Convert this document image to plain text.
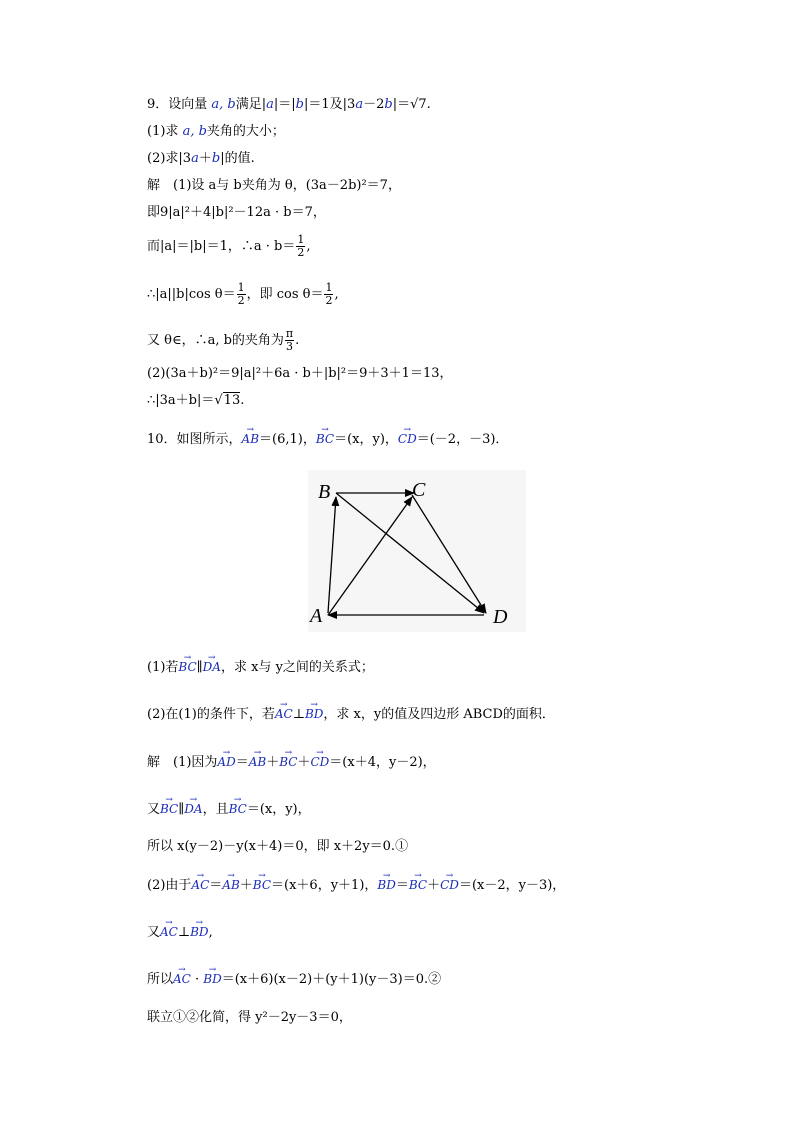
9．设向量 a, b满足|a|＝|b|＝1及|3a－2b|＝√7.
(1)求 a, b夹角的大小；
(2)求|3a＋b|的值.
解　(1)设 a与 b夹角为 θ，(3a－2b)²＝7，
即9|a|²＋4|b|²－12a · b＝7，
而|a|＝|b|＝1，∴a · $b= \frac{1}{2}$ ,
∴|a||b|cos $\theta= \frac{1}{2}$ ，即 $\cos \theta= \frac{1}{2}$ ,
又 θ∈，∴a, b的夹角为 $\frac{\pi}{3}$ .
(2)(3a＋b)²＝9|a|²＋6a · b＋|b|²＝9＋3＋1＝13，
∴|3a＋b|＝√13.
10．如图所示，→ AB＝(6,1)，→ BC＝(x，y)，→ CD＝(－2，－3)．
A
B	C
D
(1)若→ BC∥→ DA，求 x与 y之间的关系式；
(2)在(1)的条件下，若→ AC⊥→ BD，求 x，y的值及四边形 ABCD的面积．
解　(1)因为→ AD＝→ AB＋→ BC＋→ CD＝(x＋4，y－2)，
又→ BC∥→ DA，且→ BC＝(x，y)，
所以 x(y－2)－y(x＋4)＝0，即 x＋2y＝0.①
(2)由于→ AC＝→ AB＋→ BC＝(x＋6，y＋1)，→ BD＝→ BC＋→ CD＝(x－2，y－3)，
又→ AC⊥→ BD,
所以→ AC · → BD＝(x＋6)(x－2)＋(y＋1)(y－3)＝0.②
联立①②化简，得 y²－2y－3＝0，
